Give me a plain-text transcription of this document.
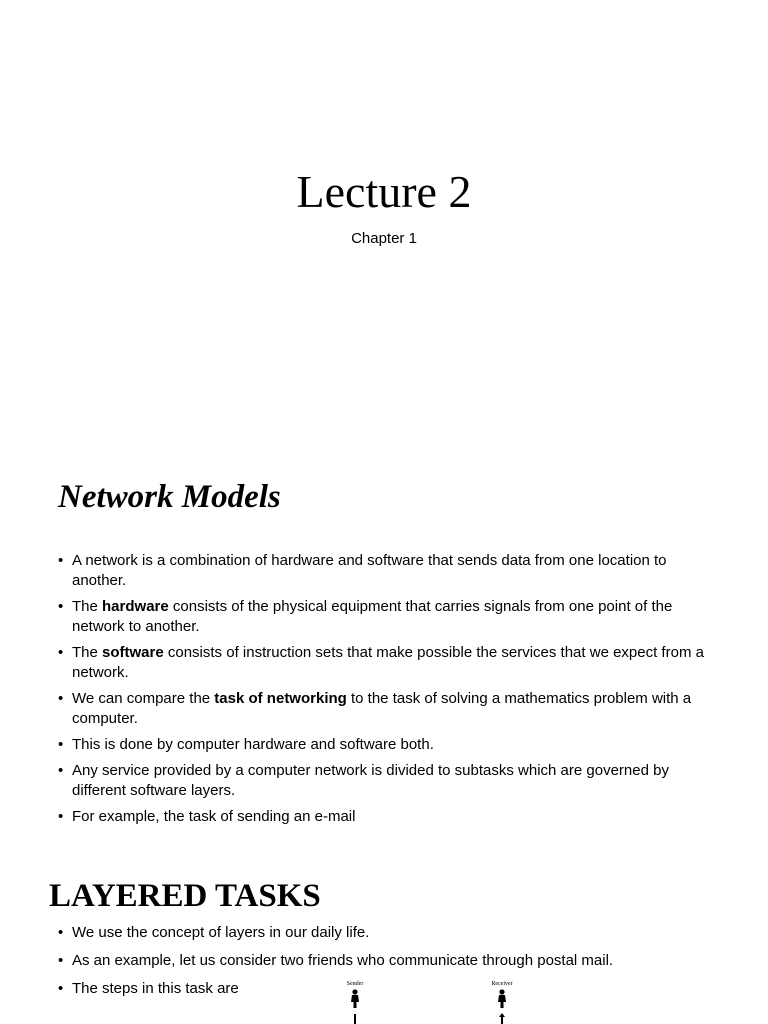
Lecture 2
Chapter 1
Network Models
• A network is a combination of hardware and software that sends data from one location to another.
• The hardware consists of the physical equipment that carries signals from one point of the network to another.
• The software consists of instruction sets that make possible the services that we expect from a network.
• We can compare the task of networking to the task of solving a mathematics problem with a computer.
• This is done by computer hardware and software both.
• Any service provided by a computer network is divided to subtasks which are governed by different software layers.
• For example, the task of sending an e-mail
LAYERED TASKS
• We use the concept of layers in our daily life.
• As an example, let us consider two friends who communicate through postal mail.
• The steps in this task are	Sender	Receiver
